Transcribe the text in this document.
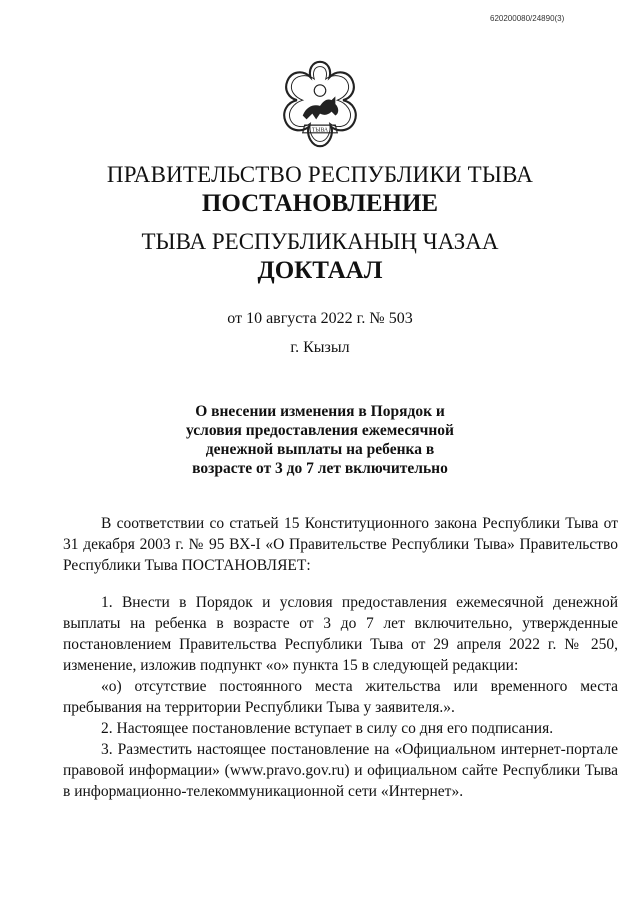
620200080/24890(3)
ТЫВА
ПРАВИТЕЛЬСТВО РЕСПУБЛИКИ ТЫВА
ПОСТАНОВЛЕНИЕ
ТЫВА РЕСПУБЛИКАНЫҢ ЧАЗАА
ДОКТААЛ
от 10 августа 2022 г. № 503
г. Кызыл
О внесении изменения в Порядок и
условия предоставления ежемесячной
денежной выплаты на ребенка в
возрасте от 3 до 7 лет включительно

В соответствии со статьей 15 Конституционного закона Республики Тыва от 31 декабря 2003 г. № 95 ВХ-I «О Правительстве Республики Тыва» Правительство Республики Тыва ПОСТАНОВЛЯЕТ:

1. Внести в Порядок и условия предоставления ежемесячной денежной выплаты на ребенка в возрасте от 3 до 7 лет включительно, утвержденные постановлением Правительства Республики Тыва от 29 апреля 2022 г. № 250, изменение, изложив подпункт «о» пункта 15 в следующей редакции:

«о) отсутствие постоянного места жительства или временного места пребывания на территории Республики Тыва у заявителя.».

2. Настоящее постановление вступает в силу со дня его подписания.

3. Разместить настоящее постановление на «Официальном интернет-портале правовой информации» (www.pravo.gov.ru) и официальном сайте Республики Тыва в информационно-телекоммуникационной сети «Интернет».
